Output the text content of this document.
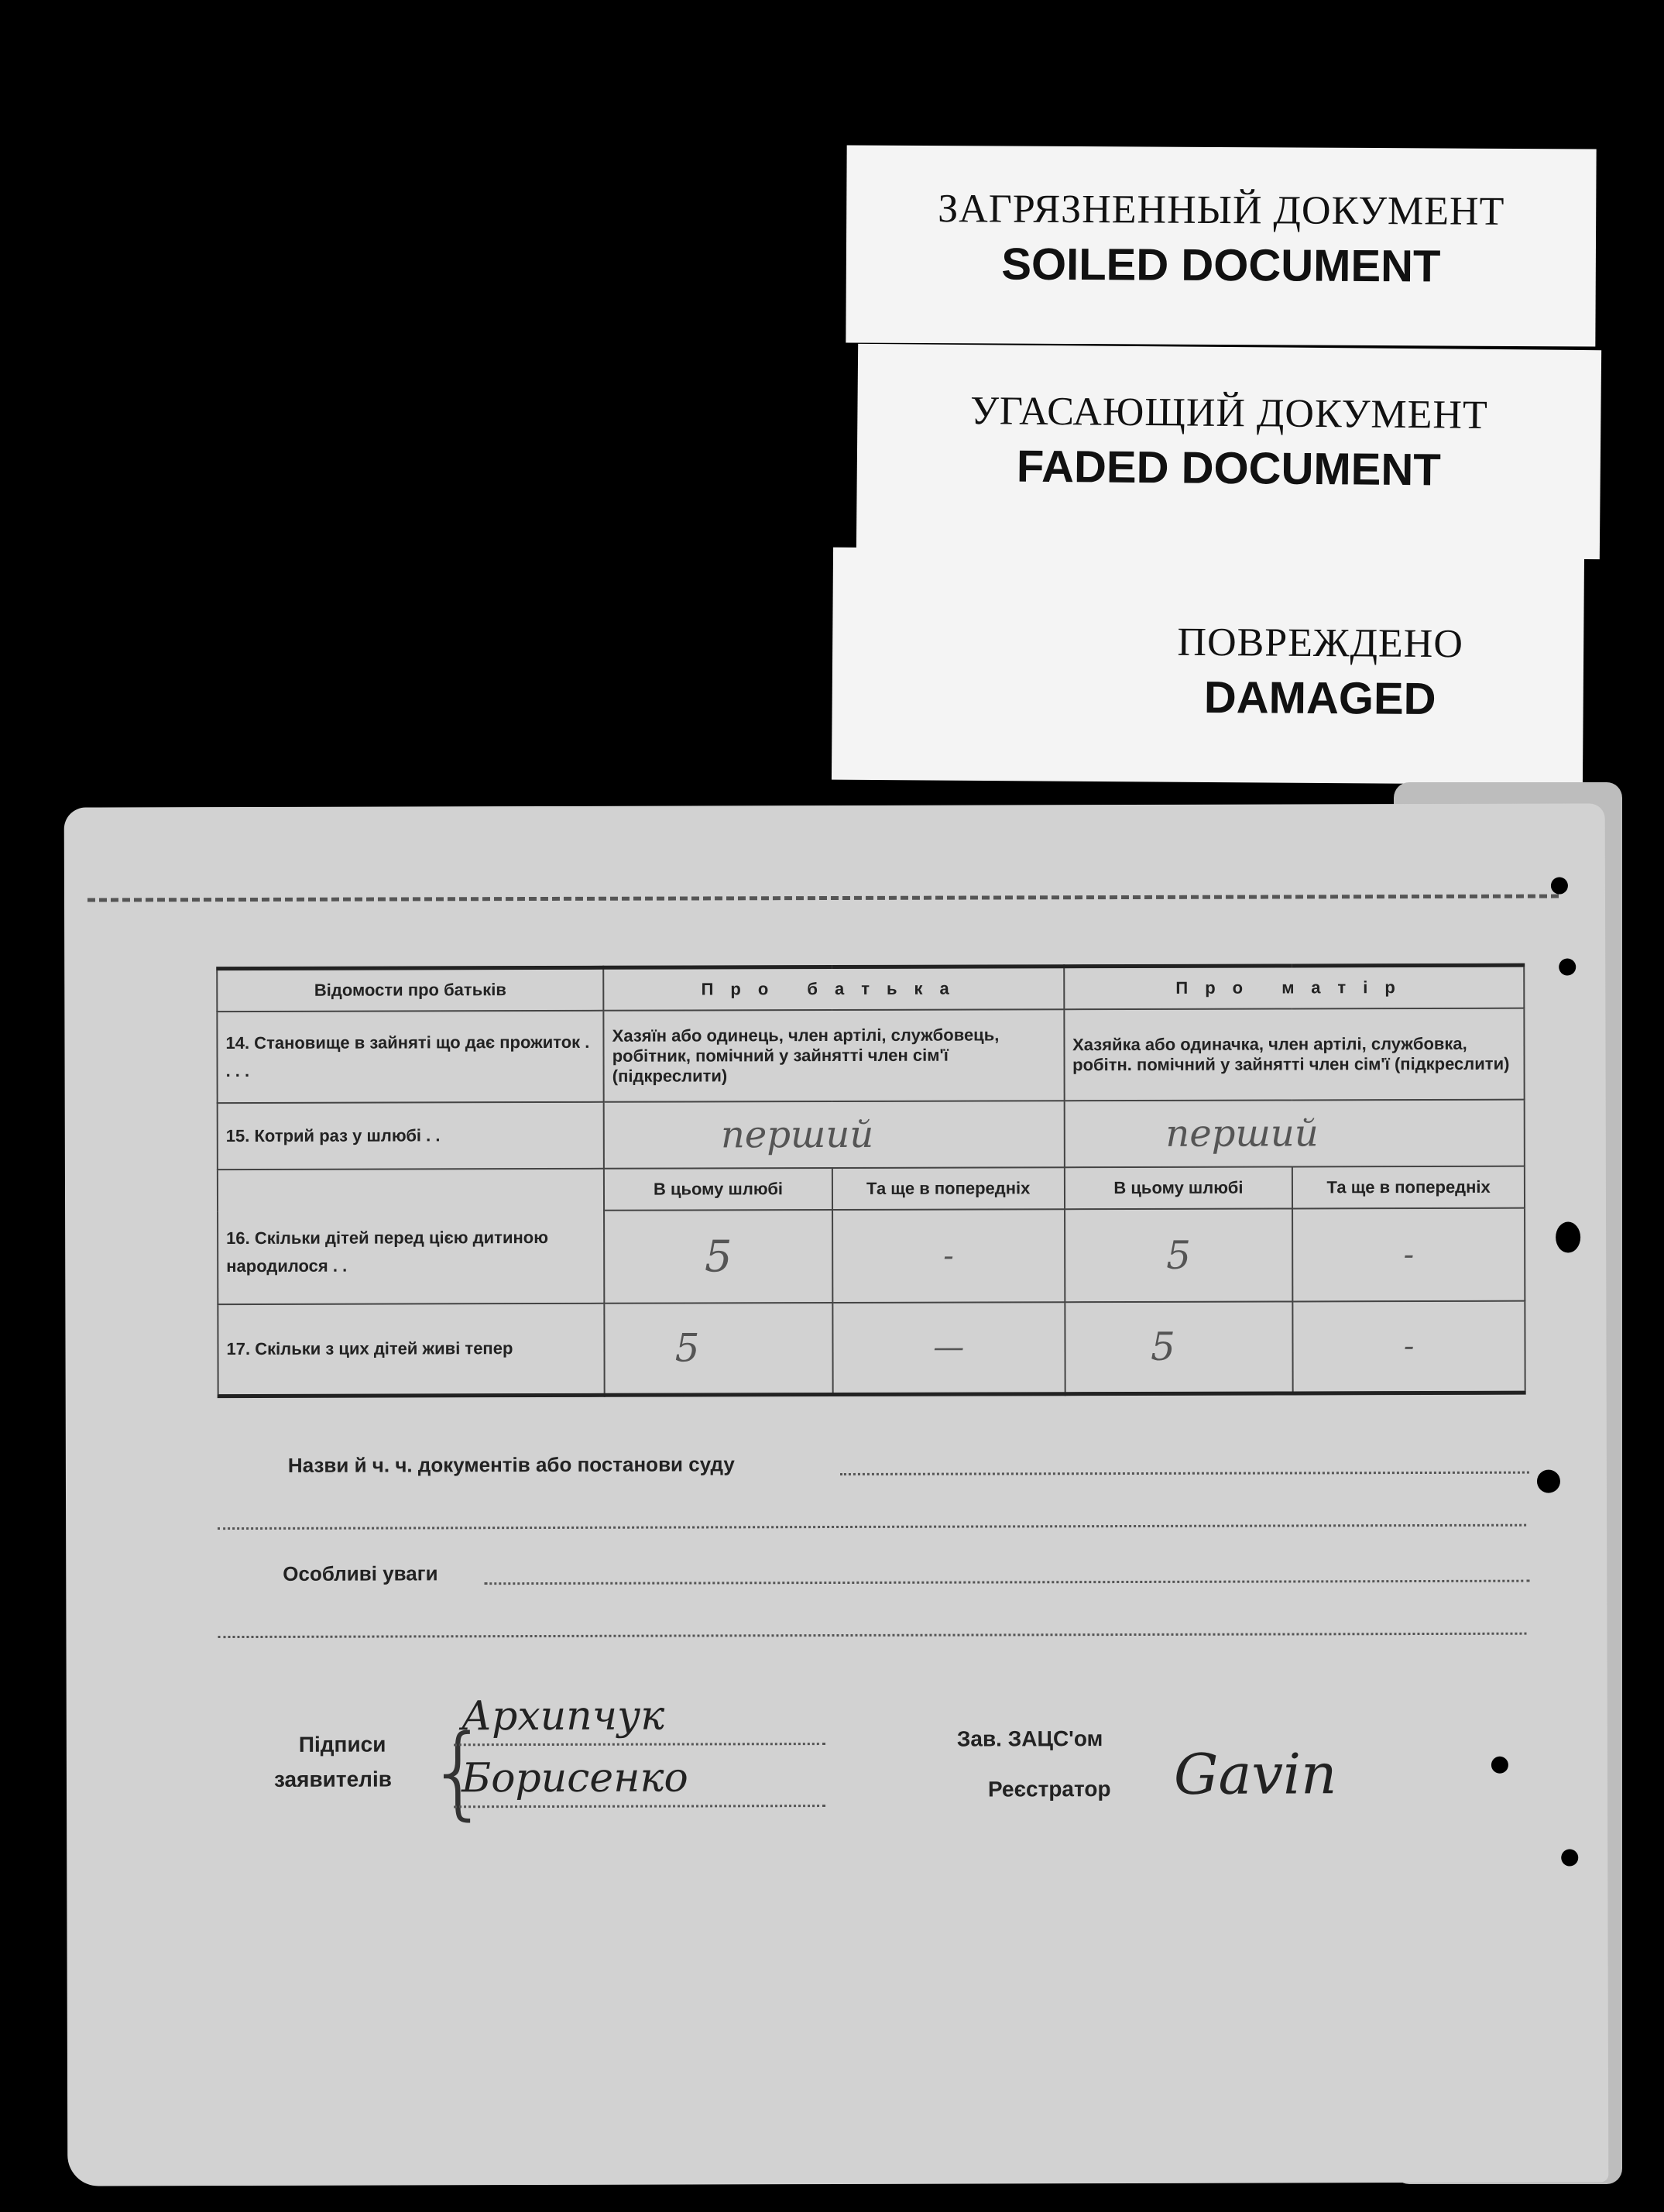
ЗАГРЯЗНЕННЫЙ ДОКУМЕНТ
SOILED DOCUMENT
УГАСАЮЩИЙ ДОКУМЕНТ
FADED DOCUMENT
ПОВРЕЖДЕНО
DAMAGED
Відомости про батьків	Про батька		Про матір	
14. Становище в зайняті що дає прожиток . . . .	Хазяїн або одинець, член артілі, службовець, робітник, помічний у зайнятті член сім'ї (підкреслити)		Хазяйка або одиначка, член артілі, службовка, робітн. помічний у зайнятті член сім'ї (підкреслити)	
15. Котрий раз у шлюбі . .	перший		перший	
16. Скільки дітей перед цією дитиною народилося . .	В цьому шлюбі	Та ще в попередніх	В цьому шлюбі	Та ще в попередніх
	5	-	5	-
17. Скільки з цих дітей живі тепер	5	—	5	-
Назви й ч. ч. документів або постанови суду
Особливі уваги
Підписи
заявителів {
Архипчук
Борисенко
Зав. ЗАЦС'ом
Реєстратор Gavin
